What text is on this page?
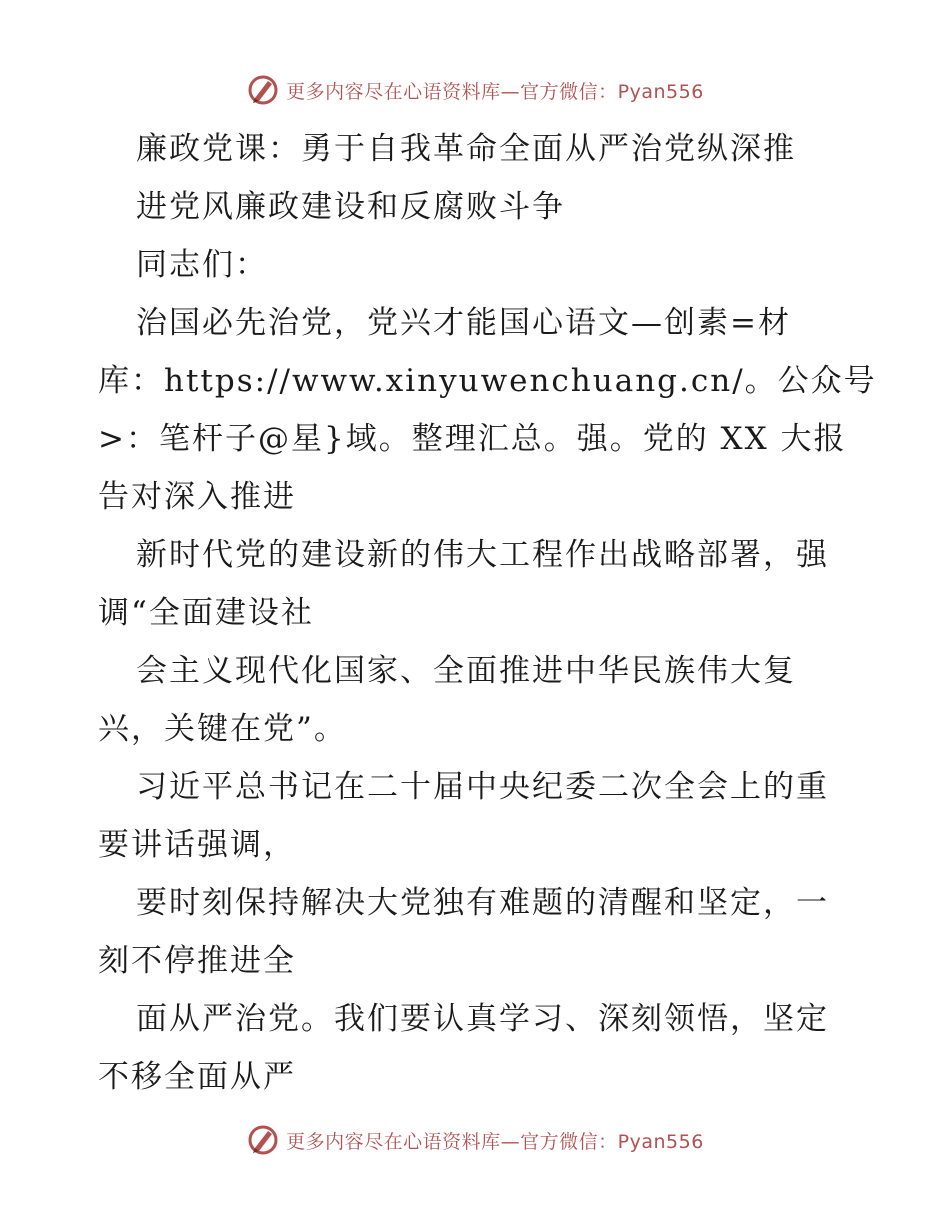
更多内容尽在心语资料库—官方微信：Pyan556
廉政党课：勇于自我革命全面从严治党纵深推
进党风廉政建设和反腐败斗争
同志们：
治国必先治党，党兴才能国心语文—创素=材
库：https://www.xinyuwenchuang.cn/。公众号
>：笔杆子@星}域。整理汇总。强。党的 XX 大报
告对深入推进
新时代党的建设新的伟大工程作出战略部署，强
调“全面建设社
会主义现代化国家、全面推进中华民族伟大复
兴，关键在党”。
习近平总书记在二十届中央纪委二次全会上的重
要讲话强调，
要时刻保持解决大党独有难题的清醒和坚定，一
刻不停推进全
面从严治党。我们要认真学习、深刻领悟，坚定
不移全面从严
更多内容尽在心语资料库—官方微信：Pyan556
